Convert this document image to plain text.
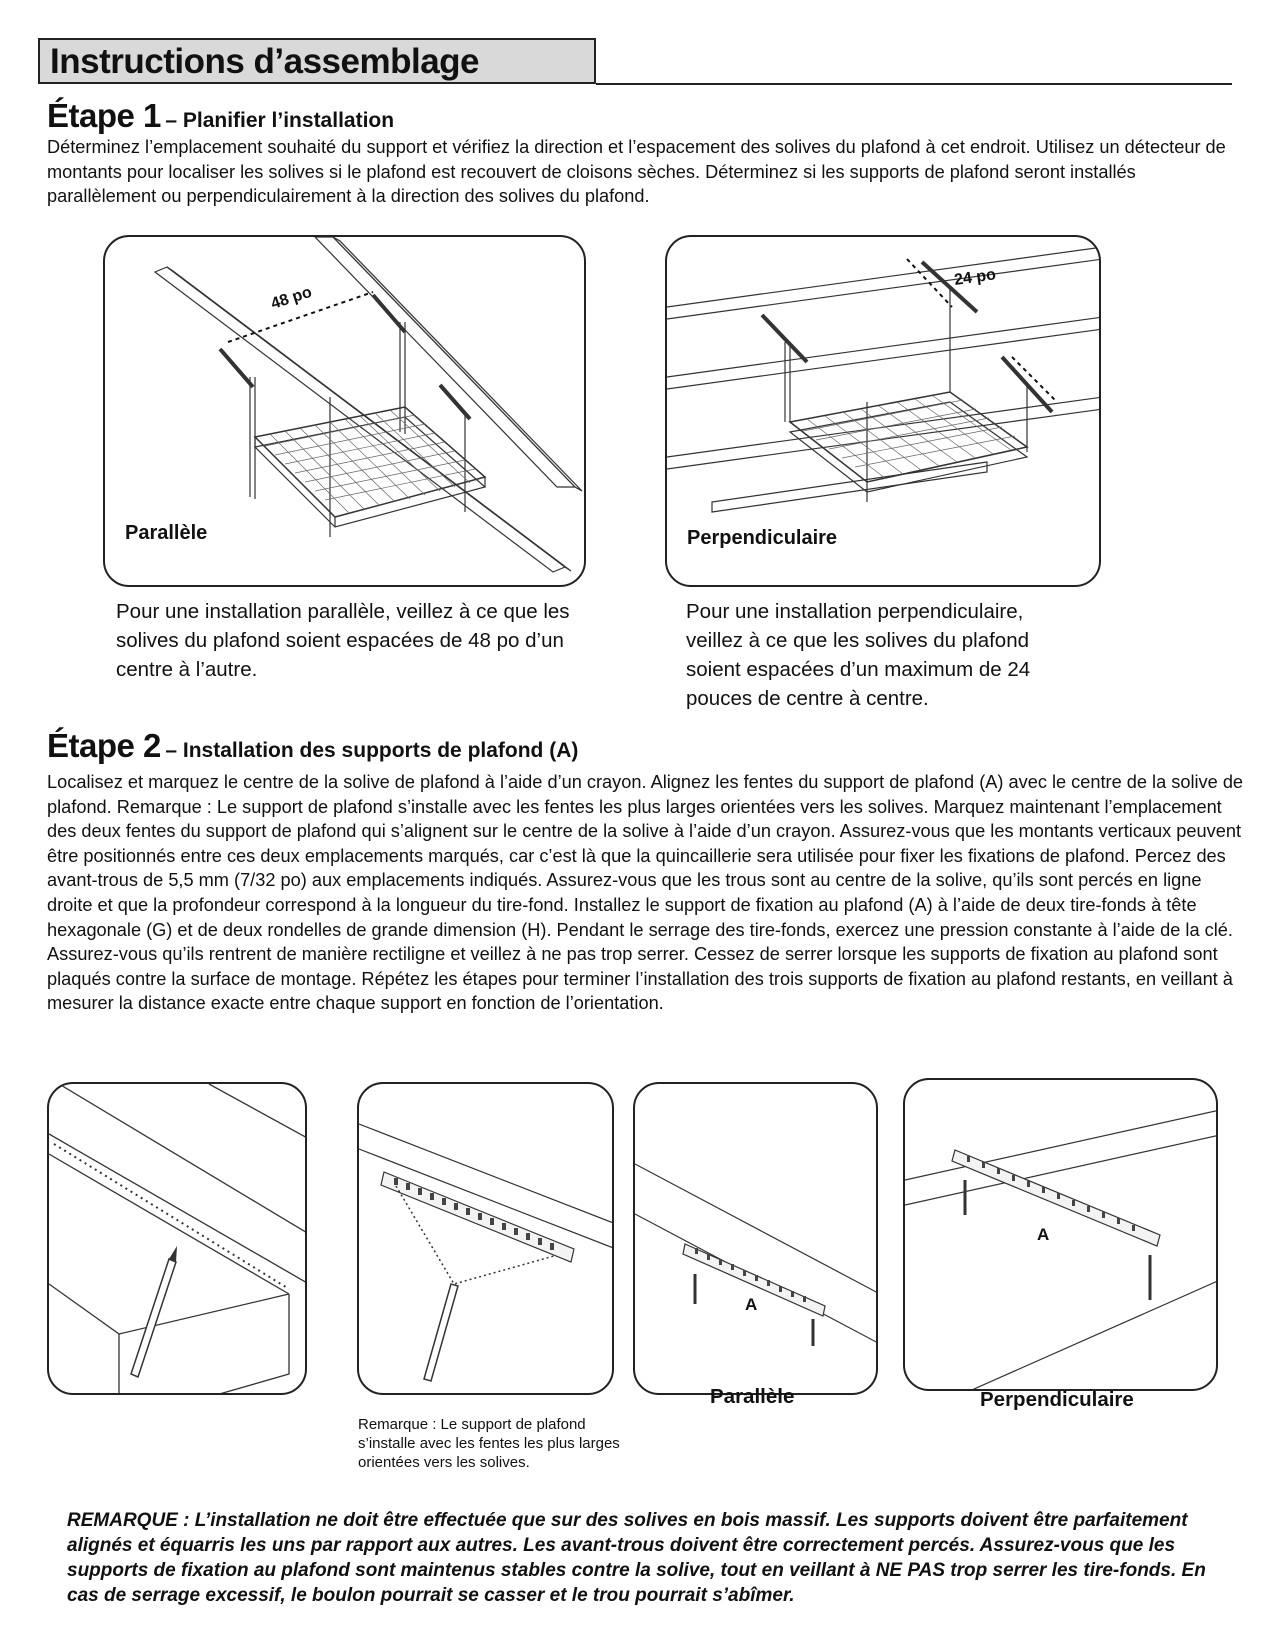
Instructions d’assemblage
Étape 1 – Planifier l’installation
Déterminez l’emplacement souhaité du support et vérifiez la direction et l’espacement des solives du plafond à cet endroit. Utilisez un détecteur de montants pour localiser les solives si le plafond est recouvert de cloisons sèches. Déterminez si les supports de plafond seront installés parallèlement ou perpendiculairement à la direction des solives du plafond.
48 po
Parallèle
24 po
Perpendiculaire
Pour une installation parallèle, veillez à ce que les solives du plafond soient espacées de 48 po d’un centre à l’autre.
Pour une installation perpendiculaire, veillez à ce que les solives du plafond soient espacées d’un maximum de 24 pouces de centre à centre.
Étape 2 – Installation des supports de plafond (A)
Localisez et marquez le centre de la solive de plafond à l’aide d’un crayon. Alignez les fentes du support de plafond (A) avec le centre de la solive de plafond. Remarque : Le support de plafond s’installe avec les fentes les plus larges orientées vers les solives. Marquez maintenant l’emplacement des deux fentes du support de plafond qui s’alignent sur le centre de la solive à l’aide d’un crayon. Assurez-vous que les montants verticaux peuvent être positionnés entre ces deux emplacements marqués, car c’est là que la quincaillerie sera utilisée pour fixer les fixations de plafond. Percez des avant-trous de 5,5 mm (7/32 po) aux emplacements indiqués. Assurez-vous que les trous sont au centre de la solive, qu’ils sont percés en ligne droite et que la profondeur correspond à la longueur du tire-fond. Installez le support de fixation au plafond (A) à l’aide de deux tire-fonds à tête hexagonale (G) et de deux rondelles de grande dimension (H). Pendant le serrage des tire-fonds, exercez une pression constante à l’aide de la clé. Assurez-vous qu’ils rentrent de manière rectiligne et veillez à ne pas trop serrer. Cessez de serrer lorsque les supports de fixation au plafond sont plaqués contre la surface de montage. Répétez les étapes pour terminer l’installation des trois supports de fixation au plafond restants, en veillant à mesurer la distance exacte entre chaque support en fonction de l’orientation.
A
A
Remarque : Le support de plafond s’installe avec les fentes les plus larges orientées vers les solives.
Parallèle	Perpendiculaire
REMARQUE : L’installation ne doit être effectuée que sur des solives en bois massif. Les supports doivent être parfaitement alignés et équarris les uns par rapport aux autres. Les avant-trous doivent être correctement percés. Assurez-vous que les supports de fixation au plafond sont maintenus stables contre la solive, tout en veillant à NE PAS trop serrer les tire-fonds. En cas de serrage excessif, le boulon pourrait se casser et le trou pourrait s’abîmer.
